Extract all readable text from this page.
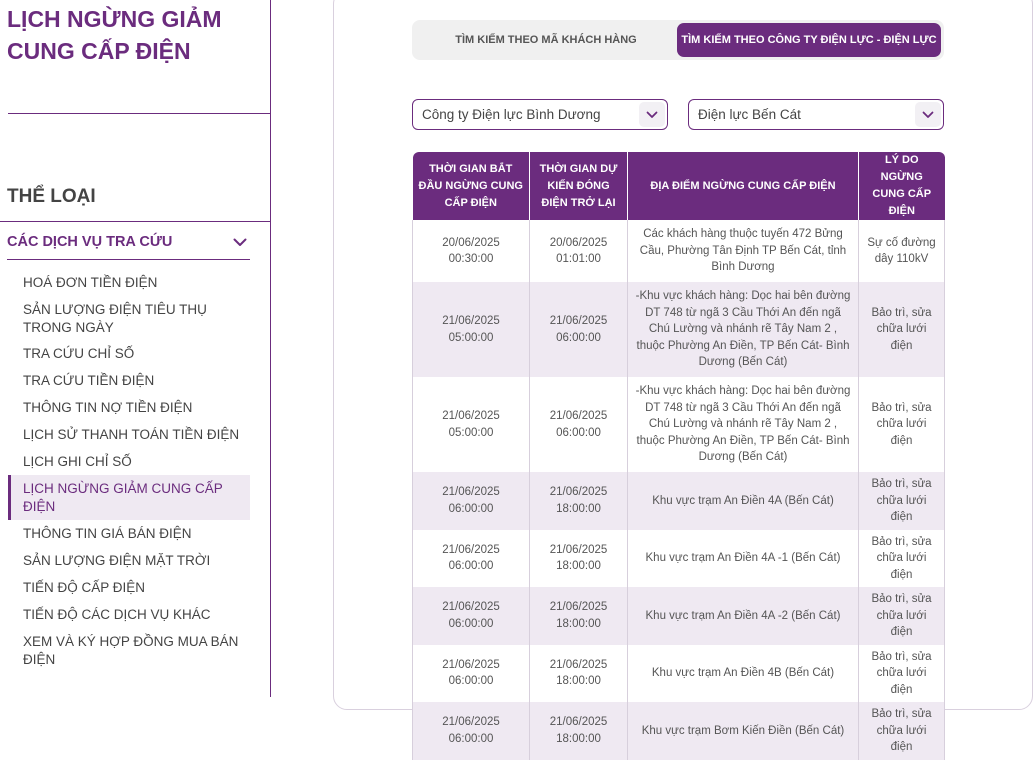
LỊCH NGỪNG GIẢM CUNG CẤP ĐIỆN
THỂ LOẠI
CÁC DỊCH VỤ TRA CỨU
HOÁ ĐƠN TIỀN ĐIỆN
SẢN LƯỢNG ĐIỆN TIÊU THỤ TRONG NGÀY
TRA CỨU CHỈ SỐ
TRA CỨU TIỀN ĐIỆN
THÔNG TIN NỢ TIỀN ĐIỆN
LỊCH SỬ THANH TOÁN TIỀN ĐIỆN
LỊCH GHI CHỈ SỐ
LỊCH NGỪNG GIẢM CUNG CẤP ĐIỆN
THÔNG TIN GIÁ BÁN ĐIỆN
SẢN LƯỢNG ĐIỆN MẶT TRỜI
TIẾN ĐỘ CẤP ĐIỆN
TIẾN ĐỘ CÁC DỊCH VỤ KHÁC
XEM VÀ KÝ HỢP ĐỒNG MUA BÁN ĐIỆN
TÌM KIẾM THEO MÃ KHÁCH HÀNG	TÌM KIẾM THEO CÔNG TY ĐIỆN LỰC - ĐIỆN LỰC
Công ty Điện lực Bình Dương	Điện lực Bến Cát
THỜI GIAN BẮT ĐẦU NGỪNG CUNG CẤP ĐIỆN	THỜI GIAN DỰ KIẾN ĐÓNG ĐIỆN TRỞ LẠI	ĐỊA ĐIỂM NGỪNG CUNG CẤP ĐIỆN	LÝ DO NGỪNG CUNG CẤP ĐIỆN
20/06/2025 00:30:00	20/06/2025 01:01:00	Các khách hàng thuộc tuyến 472 Bửng Cầu, Phường Tân Định TP Bến Cát, tỉnh Bình Dương	Sự cố đường dây 110kV
21/06/2025 05:00:00	21/06/2025 06:00:00	-Khu vực khách hàng: Dọc hai bên đường DT 748 từ ngã 3 Cầu Thới An đến ngã Chú Lường và nhánh rẽ Tây Nam 2 , thuộc Phường An Điền, TP Bến Cát- Bình Dương (Bến Cát)	Bảo trì, sửa chữa lưới điện
21/06/2025 05:00:00	21/06/2025 06:00:00	-Khu vực khách hàng: Dọc hai bên đường DT 748 từ ngã 3 Cầu Thới An đến ngã Chú Lường và nhánh rẽ Tây Nam 2 , thuộc Phường An Điền, TP Bến Cát- Bình Dương (Bến Cát)	Bảo trì, sửa chữa lưới điện
21/06/2025 06:00:00	21/06/2025 18:00:00	Khu vực trạm An Điền 4A (Bến Cát)	Bảo trì, sửa chữa lưới điện
21/06/2025 06:00:00	21/06/2025 18:00:00	Khu vực trạm An Điền 4A -1 (Bến Cát)	Bảo trì, sửa chữa lưới điện
21/06/2025 06:00:00	21/06/2025 18:00:00	Khu vực trạm An Điền 4A -2 (Bến Cát)	Bảo trì, sửa chữa lưới điện
21/06/2025 06:00:00	21/06/2025 18:00:00	Khu vực trạm An Điền 4B (Bến Cát)	Bảo trì, sửa chữa lưới điện
21/06/2025 06:00:00	21/06/2025 18:00:00	Khu vực trạm Bơm Kiến Điền (Bến Cát)	Bảo trì, sửa chữa lưới điện
